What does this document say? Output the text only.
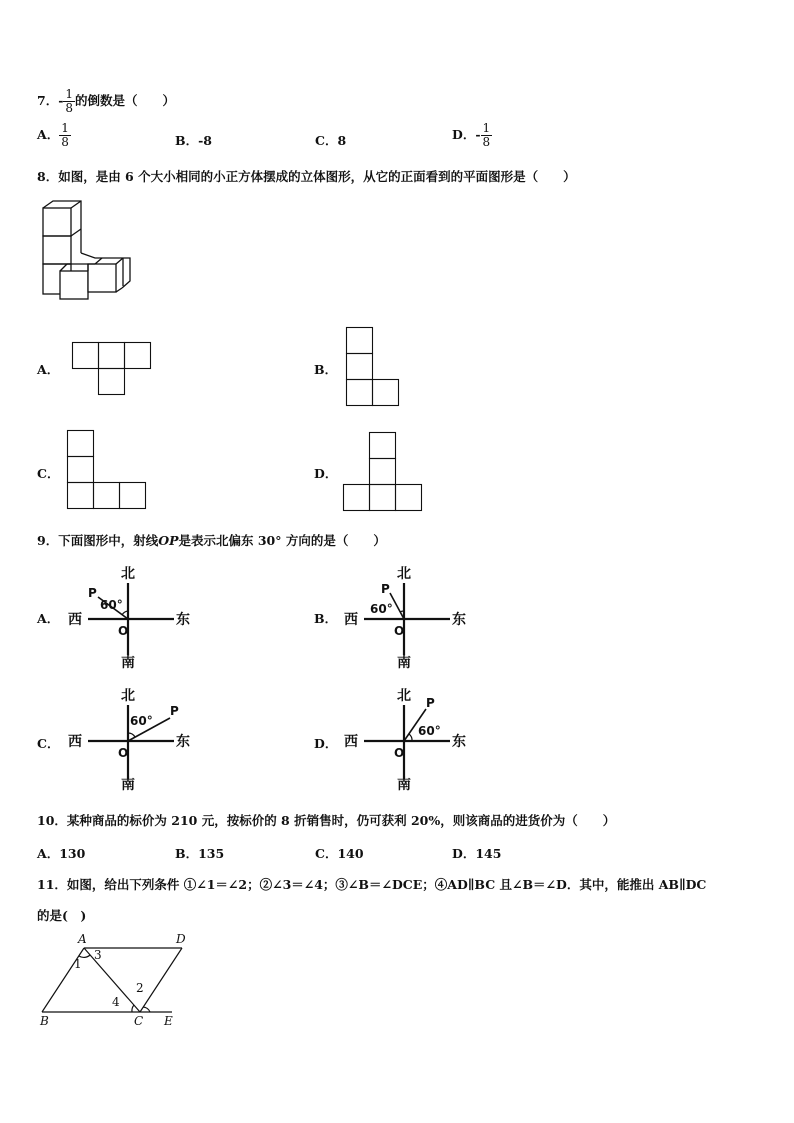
7．- $\frac{1}{8}$ 的倒数是（　　）
A． $\frac{1}{8}$	B．-8	C．8	D．- $\frac{1}{8}$
8．如图，是由 6 个大小相同的小正方体摆成的立体图形，从它的正面看到的平面图形是（　　）
A．	B．
C．	D．
9．下面图形中，射线OP是表示北偏东 30° 方向的是（　　）
A．
北
南
东
西
O
P
60°
B．
北
南
东
西
O
P
60°
C．
北
南
东
西
O
P
60°
D．
北
南
东
西
O
P
60°
10．某种商品的标价为 210 元，按标价的 8 折销售时，仍可获利 20%，则该商品的进货价为（　　）
A．130	B．135	C．140	D．145
11．如图，给出下列条件 ①∠1＝∠2；②∠3＝∠4；③∠B＝∠DCE；④AD∥BC 且∠B＝∠D．其中，能推出 AB∥DC
的是(　)
A	D
B	C E
1
3
2
4
